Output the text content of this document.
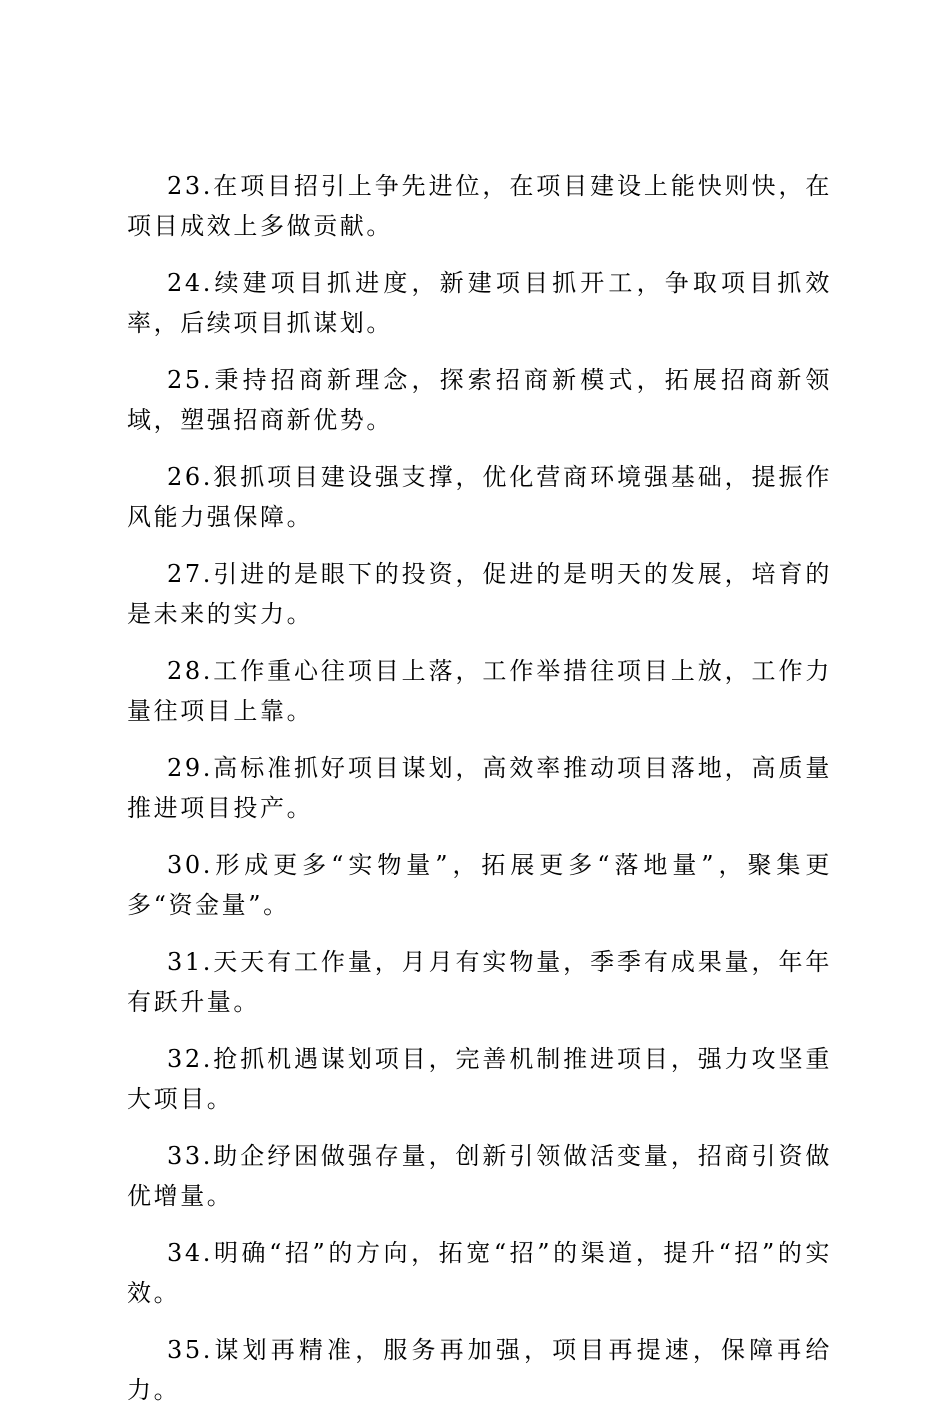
23.在项目招引上争先进位，在项目建设上能快则快，在项目成效上多做贡献。

24.续建项目抓进度，新建项目抓开工，争取项目抓效率，后续项目抓谋划。

25.秉持招商新理念，探索招商新模式，拓展招商新领域，塑强招商新优势。

26.狠抓项目建设强支撑，优化营商环境强基础，提振作风能力强保障。

27.引进的是眼下的投资，促进的是明天的发展，培育的是未来的实力。

28.工作重心往项目上落，工作举措往项目上放，工作力量往项目上靠。

29.高标准抓好项目谋划，高效率推动项目落地，高质量推进项目投产。

30.形成更多“实物量”，拓展更多“落地量”，聚集更多“资金量”。

31.天天有工作量，月月有实物量，季季有成果量，年年有跃升量。

32.抢抓机遇谋划项目，完善机制推进项目，强力攻坚重大项目。

33.助企纾困做强存量，创新引领做活变量，招商引资做优增量。

34.明确“招”的方向，拓宽“招”的渠道，提升“招”的实效。

35.谋划再精准，服务再加强，项目再提速，保障再给力。
